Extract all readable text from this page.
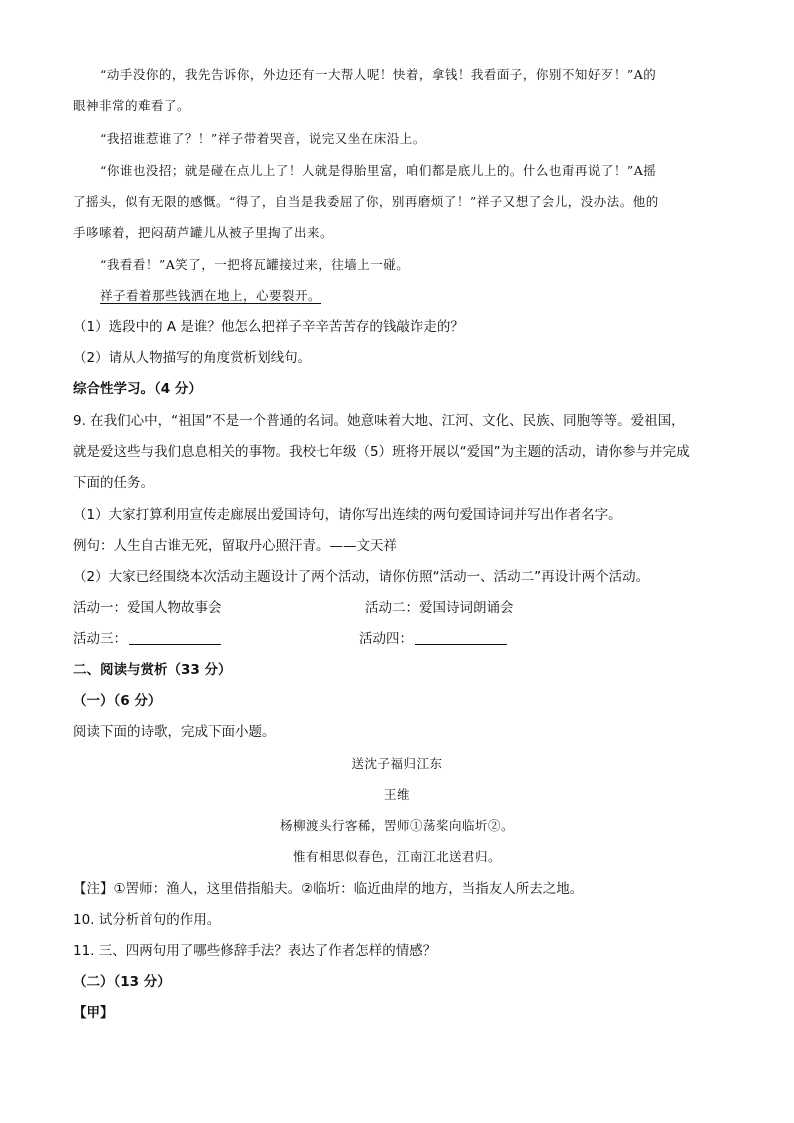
“动手没你的，我先告诉你，外边还有一大帮人呢！快着，拿钱！我看面子，你别不知好歹！”A的
眼神非常的难看了。
“我招谁惹谁了？！”祥子带着哭音，说完又坐在床沿上。
“你谁也没招；就是碰在点儿上了！人就是得胎里富，咱们都是底儿上的。什么也甭再说了！”A摇
了摇头，似有无限的感慨。“得了，自当是我委屈了你，别再磨烦了！”祥子又想了会儿，没办法。他的
手哆嗦着，把闷葫芦罐儿从被子里掏了出来。
“我看看！”A笑了，一把将瓦罐接过来，往墙上一碰。
祥子看着那些钱洒在地上，心要裂开。
（1）选段中的 A 是谁？他怎么把祥子辛辛苦苦存的钱敲诈走的？
（2）请从人物描写的角度赏析划线句。
综合性学习。（4 分）
9. 在我们心中，“祖国”不是一个普通的名词。她意味着大地、江河、文化、民族、同胞等等。爱祖国，
就是爱这些与我们息息相关的事物。我校七年级（5）班将开展以“爱国”为主题的活动，请你参与并完成
下面的任务。
（1）大家打算利用宣传走廊展出爱国诗句，请你写出连续的两句爱国诗词并写出作者名字。
例句：人生自古谁无死，留取丹心照汗青。——文天祥
（2）大家已经围绕本次活动主题设计了两个活动，请你仿照“活动一、活动二”再设计两个活动。
活动一：爱国人物故事会	活动二：爱国诗词朗诵会
活动三：	活动四：
二、阅读与赏析（33 分）
（一）（6 分）
阅读下面的诗歌，完成下面小题。
送沈子福归江东
王维
杨柳渡头行客稀，罟师①荡桨向临圻②。
惟有相思似春色，江南江北送君归。
【注】①罟师：渔人，这里借指船夫。②临圻：临近曲岸的地方，当指友人所去之地。
10. 试分析首句的作用。
11. 三、四两句用了哪些修辞手法？表达了作者怎样的情感？
（二）（13 分）
【甲】
